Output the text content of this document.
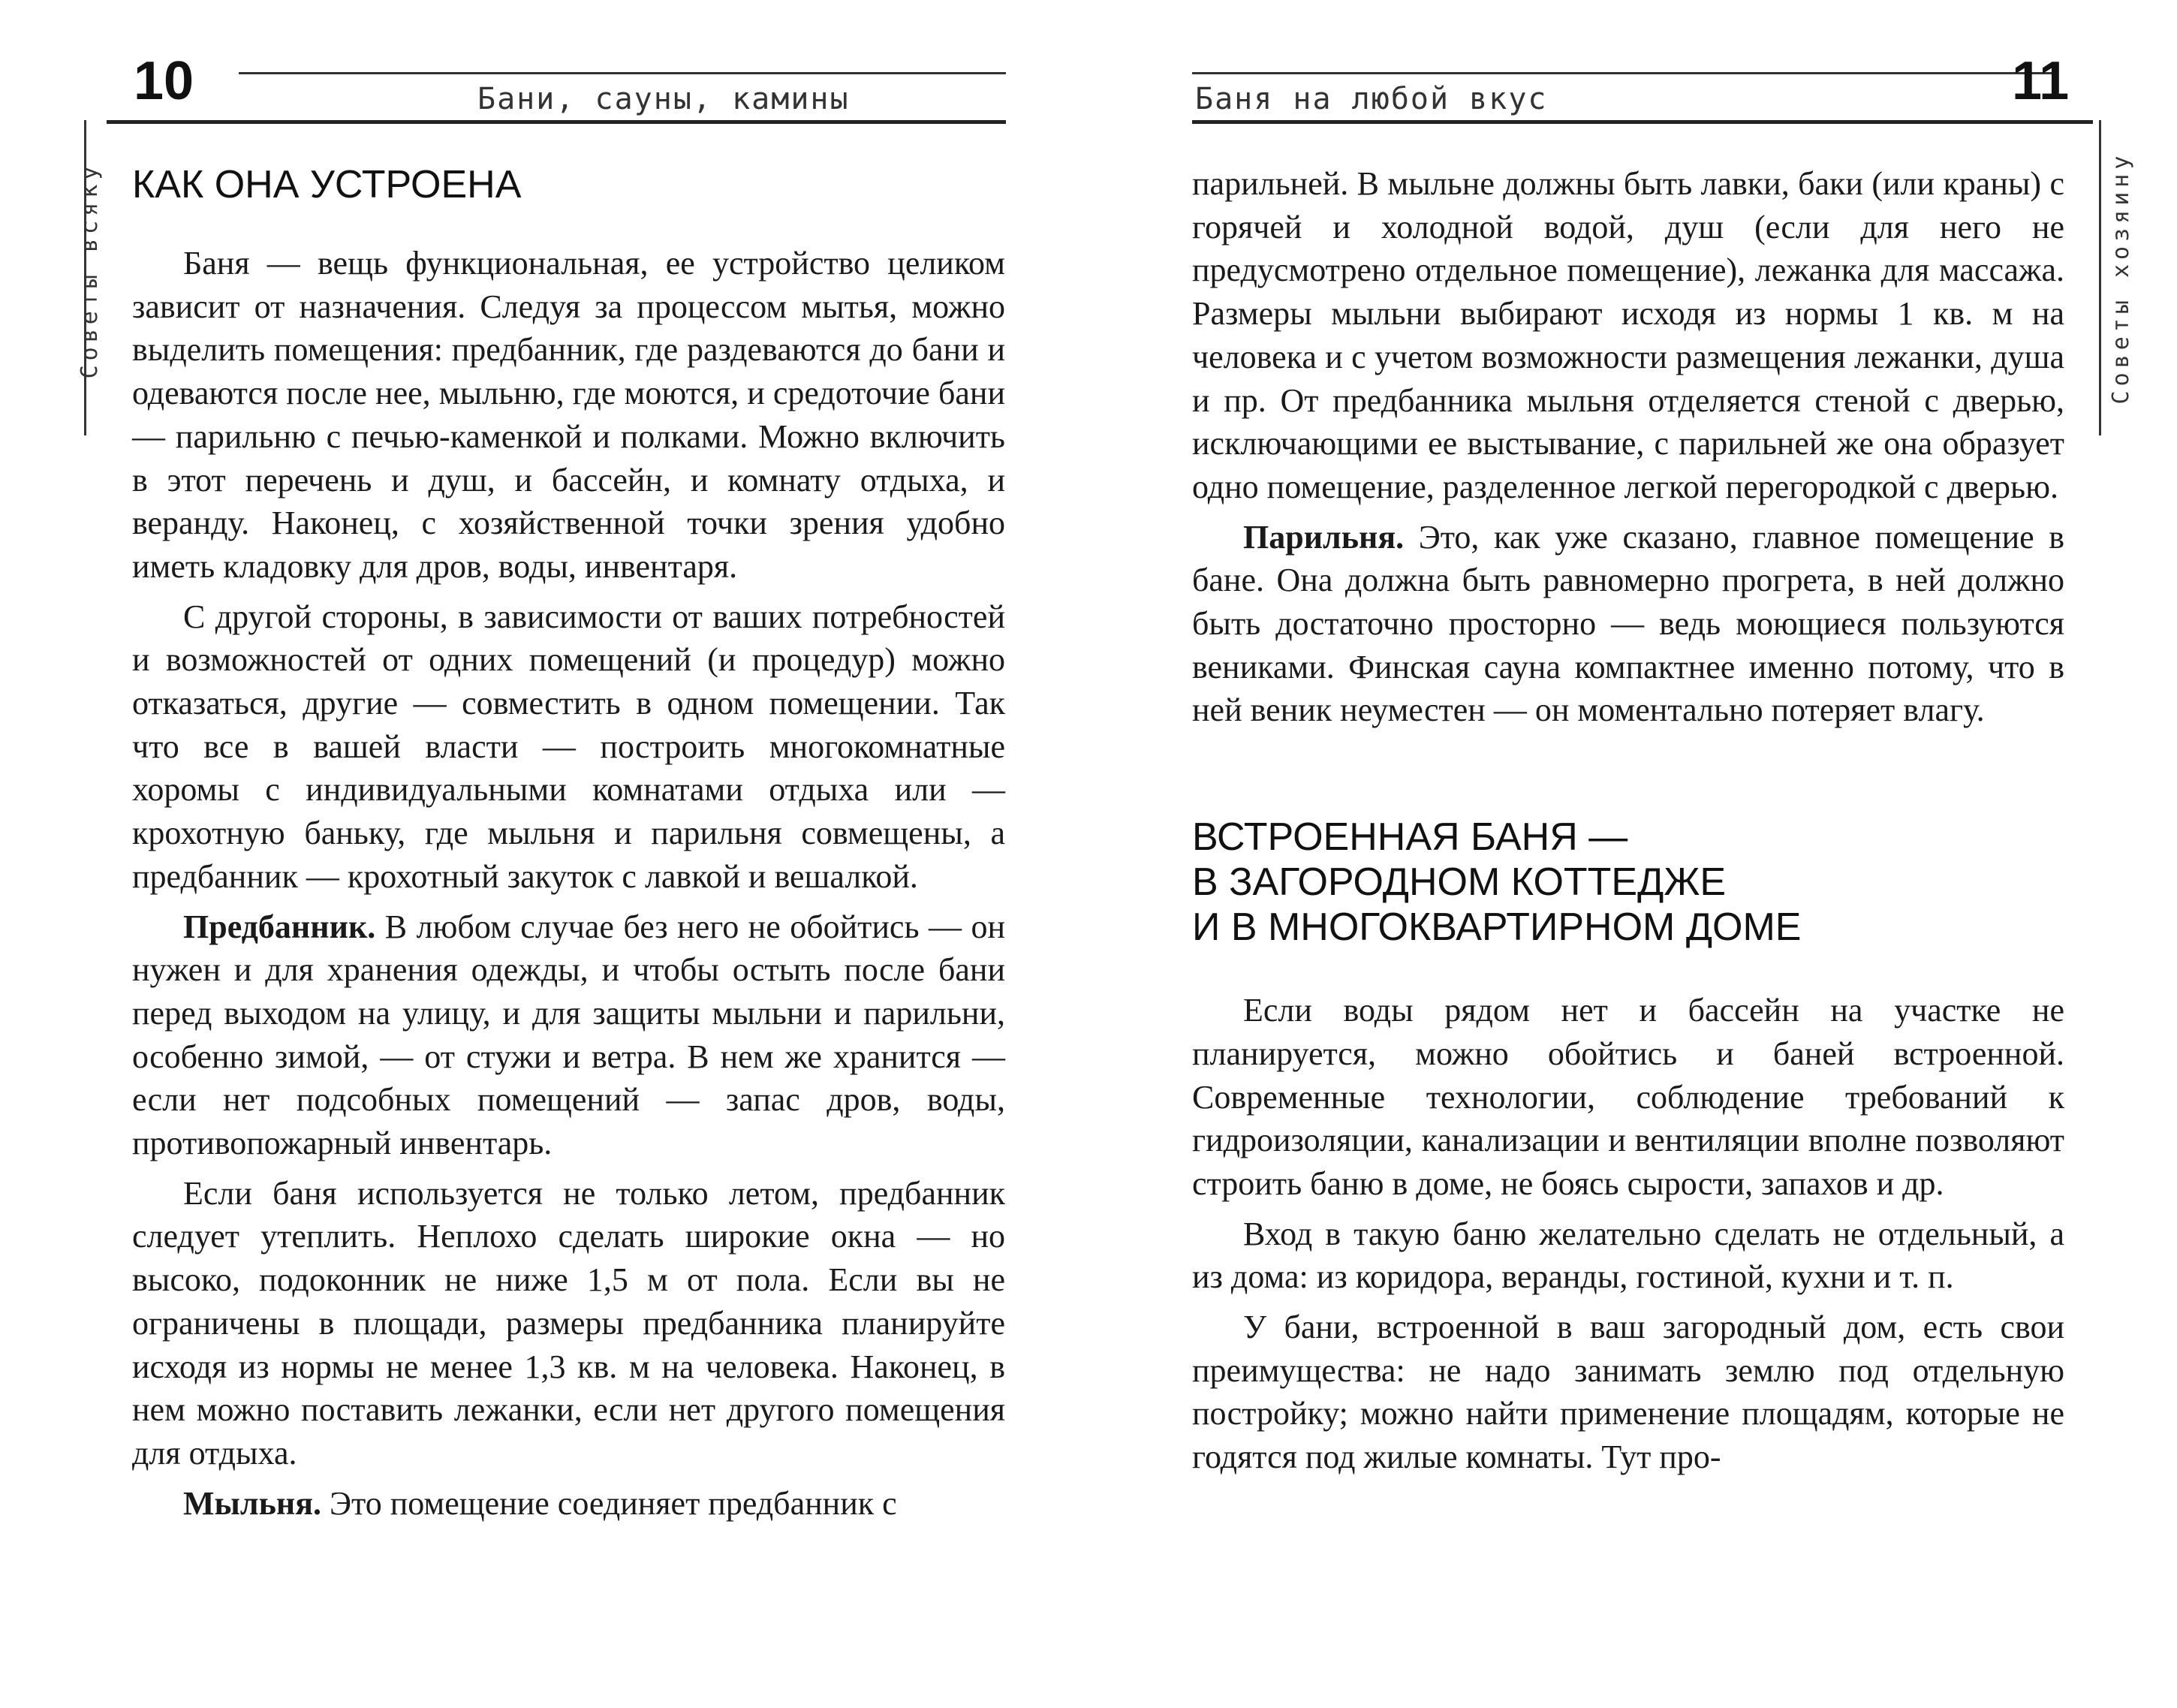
10	Бани, сауны, камины
Советы всяку КАК ОНА УСТРОЕНА

Баня — вещь функциональная, ее устройство целиком зависит от назначения. Следуя за процессом мытья, можно выделить помещения: предбанник, где раздеваются до бани и одеваются после нее, мыльню, где моются, и средоточие бани — парильню с печью-каменкой и полками. Можно включить в этот перечень и душ, и бассейн, и комнату отдыха, и веранду. Наконец, с хозяйственной точки зрения удобно иметь кладовку для дров, воды, инвентаря.

С другой стороны, в зависимости от ваших потребностей и возможностей от одних помещений (и процедур) можно отказаться, другие — совместить в одном помещении. Так что все в вашей власти — построить многокомнатные хоромы с индивидуальными комнатами отдыха или — крохотную баньку, где мыльня и парильня совмещены, а предбанник — крохотный закуток с лавкой и вешалкой.

Предбанник. В любом случае без него не обойтись — он нужен и для хранения одежды, и чтобы остыть после бани перед выходом на улицу, и для защиты мыльни и парильни, особенно зимой, — от стужи и ветра. В нем же хранится — если нет подсобных помещений — запас дров, воды, противопожарный инвентарь.

Если баня используется не только летом, предбанник следует утеплить. Неплохо сделать широкие окна — но высоко, подоконник не ниже 1,5 м от пола. Если вы не ограничены в площади, размеры предбанника планируйте исходя из нормы не менее 1,3 кв. м на человека. Наконец, в нем можно поставить лежанки, если нет другого помещения для отдыха.

Мыльня. Это помещение соединяет предбанник с

Баня на любой вкус	11
Советы хозяину

парильней. В мыльне должны быть лавки, баки (или краны) с горячей и холодной водой, душ (если для него не предусмотрено отдельное помещение), лежанка для массажа. Размеры мыльни выбирают исходя из нормы 1 кв. м на человека и с учетом возможности размещения лежанки, душа и пр. От предбанника мыльня отделяется стеной с дверью, исключающими ее выстывание, с парильней же она образует одно помещение, разделенное легкой перегородкой с дверью.

Парильня. Это, как уже сказано, главное помещение в бане. Она должна быть равномерно прогрета, в ней должно быть достаточно просторно — ведь моющиеся пользуются вениками. Финская сауна компактнее именно потому, что в ней веник неуместен — он моментально потеряет влагу.

ВСТРОЕННАЯ БАНЯ —
В ЗАГОРОДНОМ КОТТЕДЖЕ
И В МНОГОКВАРТИРНОМ ДОМЕ

Если воды рядом нет и бассейн на участке не планируется, можно обойтись и баней встроенной. Современные технологии, соблюдение требований к гидроизоляции, канализации и вентиляции вполне позволяют строить баню в доме, не боясь сырости, запахов и др.

Вход в такую баню желательно сделать не отдельный, а из дома: из коридора, веранды, гостиной, кухни и т. п.

У бани, встроенной в ваш загородный дом, есть свои преимущества: не надо занимать землю под отдельную постройку; можно найти применение площадям, которые не годятся под жилые комнаты. Тут про-
